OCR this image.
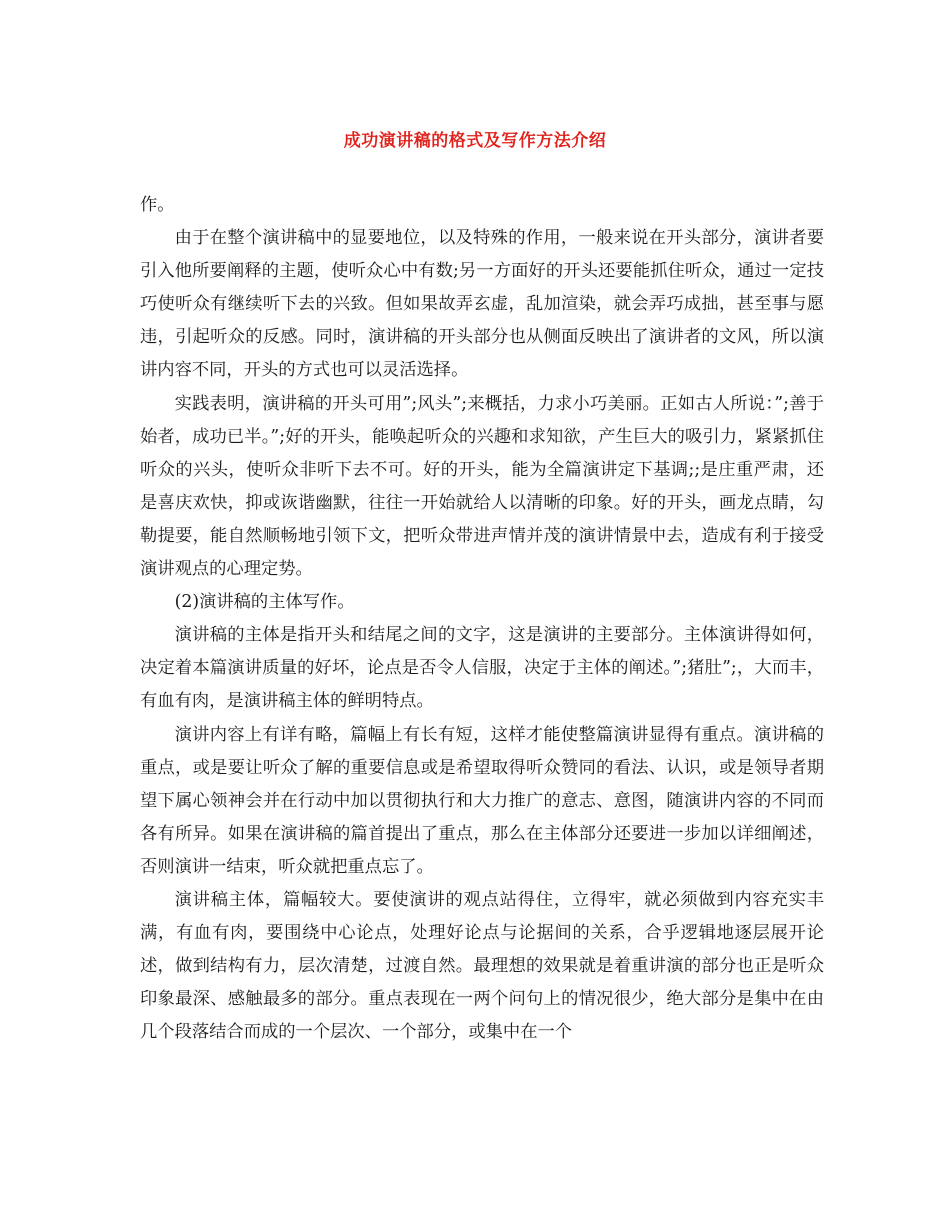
成功演讲稿的格式及写作方法介绍

作。

由于在整个演讲稿中的显要地位，以及特殊的作用，一般来说在开头部分，演讲者要引入他所要阐释的主题，使听众心中有数;另一方面好的开头还要能抓住听众，通过一定技巧使听众有继续听下去的兴致。但如果故弄玄虚，乱加渲染，就会弄巧成拙，甚至事与愿违，引起听众的反感。同时，演讲稿的开头部分也从侧面反映出了演讲者的文风，所以演讲内容不同，开头的方式也可以灵活选择。

实践表明，演讲稿的开头可用”;风头”;来概括，力求小巧美丽。正如古人所说：”;善于始者，成功已半。”;好的开头，能唤起听众的兴趣和求知欲，产生巨大的吸引力，紧紧抓住听众的兴头，使听众非听下去不可。好的开头，能为全篇演讲定下基调;;是庄重严肃，还是喜庆欢快，抑或诙谐幽默，往往一开始就给人以清晰的印象。好的开头，画龙点睛，勾勒提要，能自然顺畅地引领下文，把听众带进声情并茂的演讲情景中去，造成有利于接受演讲观点的心理定势。

(2)演讲稿的主体写作。

演讲稿的主体是指开头和结尾之间的文字，这是演讲的主要部分。主体演讲得如何，决定着本篇演讲质量的好坏，论点是否令人信服，决定于主体的阐述。”;猪肚”;，大而丰，有血有肉，是演讲稿主体的鲜明特点。

演讲内容上有详有略，篇幅上有长有短，这样才能使整篇演讲显得有重点。演讲稿的重点，或是要让听众了解的重要信息或是希望取得听众赞同的看法、认识，或是领导者期望下属心领神会并在行动中加以贯彻执行和大力推广的意志、意图，随演讲内容的不同而各有所异。如果在演讲稿的篇首提出了重点，那么在主体部分还要进一步加以详细阐述，否则演讲一结束，听众就把重点忘了。

演讲稿主体，篇幅较大。要使演讲的观点站得住，立得牢，就必须做到内容充实丰满，有血有肉，要围绕中心论点，处理好论点与论据间的关系，合乎逻辑地逐层展开论述，做到结构有力，层次清楚，过渡自然。最理想的效果就是着重讲演的部分也正是听众印象最深、感触最多的部分。重点表现在一两个问句上的情况很少，绝大部分是集中在由几个段落结合而成的一个层次、一个部分，或集中在一个
